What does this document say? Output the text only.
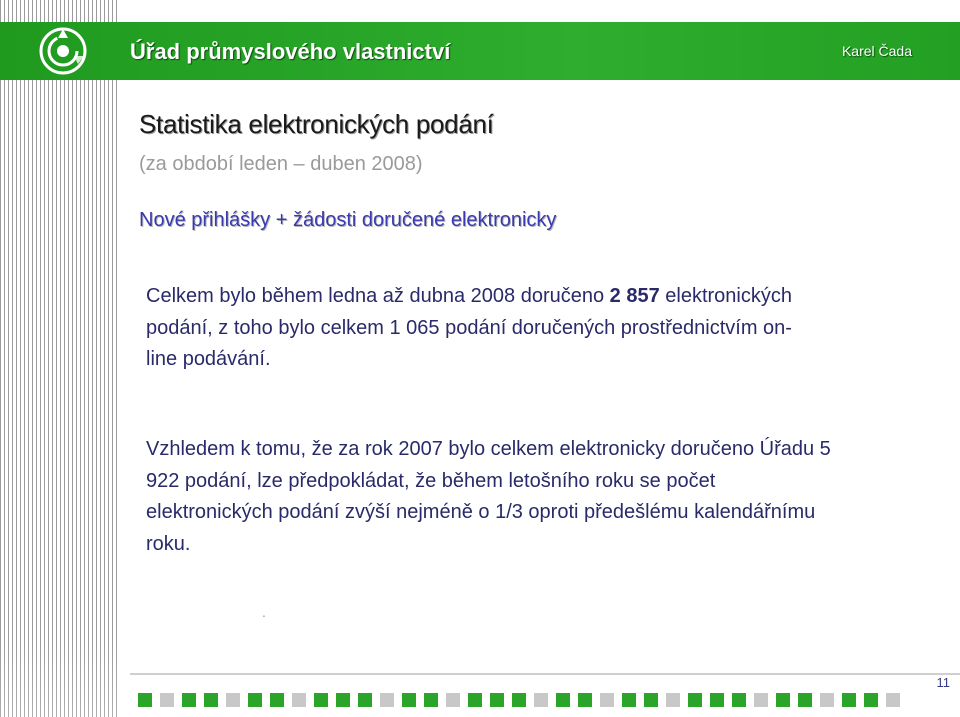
Úřad průmyslového vlastnictví	Karel Čada
Statistika elektronických podání
(za období leden – duben 2008)
Nové přihlášky + žádosti doručené elektronicky
Celkem bylo během ledna až dubna 2008 doručeno 2 857 elektronických podání, z toho bylo celkem 1 065 podání doručených prostřednictvím on-line podávání.
Vzhledem k tomu, že za rok 2007 bylo celkem elektronicky doručeno Úřadu 5 922 podání, lze předpokládat, že během letošního roku se počet elektronických podání zvýší nejméně o 1/3 oproti předešlému kalendářnímu roku.
.
11
